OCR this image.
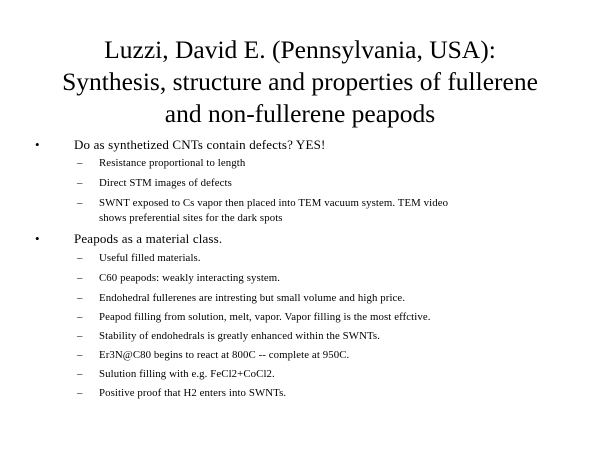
Luzzi, David E. (Pennsylvania, USA):
Synthesis, structure and properties of fullerene
and non-fullerene peapods
•	Do as synthetized CNTs contain defects? YES!
– Resistance proportional to length
– Direct STM images of defects
– SWNT exposed to Cs vapor then placed into TEM vacuum system. TEM video
shows preferential sites for the dark spots
•	Peapods as a material class.
– Useful filled materials.
– C60 peapods: weakly interacting system.
– Endohedral fullerenes are intresting but small volume and high price.
– Peapod filling from solution, melt, vapor. Vapor filling is the most effctive.
– Stability of endohedrals is greatly enhanced within the SWNTs.
– Er3N@C80 begins to react at 800C -- complete at 950C.
– Sulution filling with e.g. FeCl2+CoCl2.
– Positive proof that H2 enters into SWNTs.
